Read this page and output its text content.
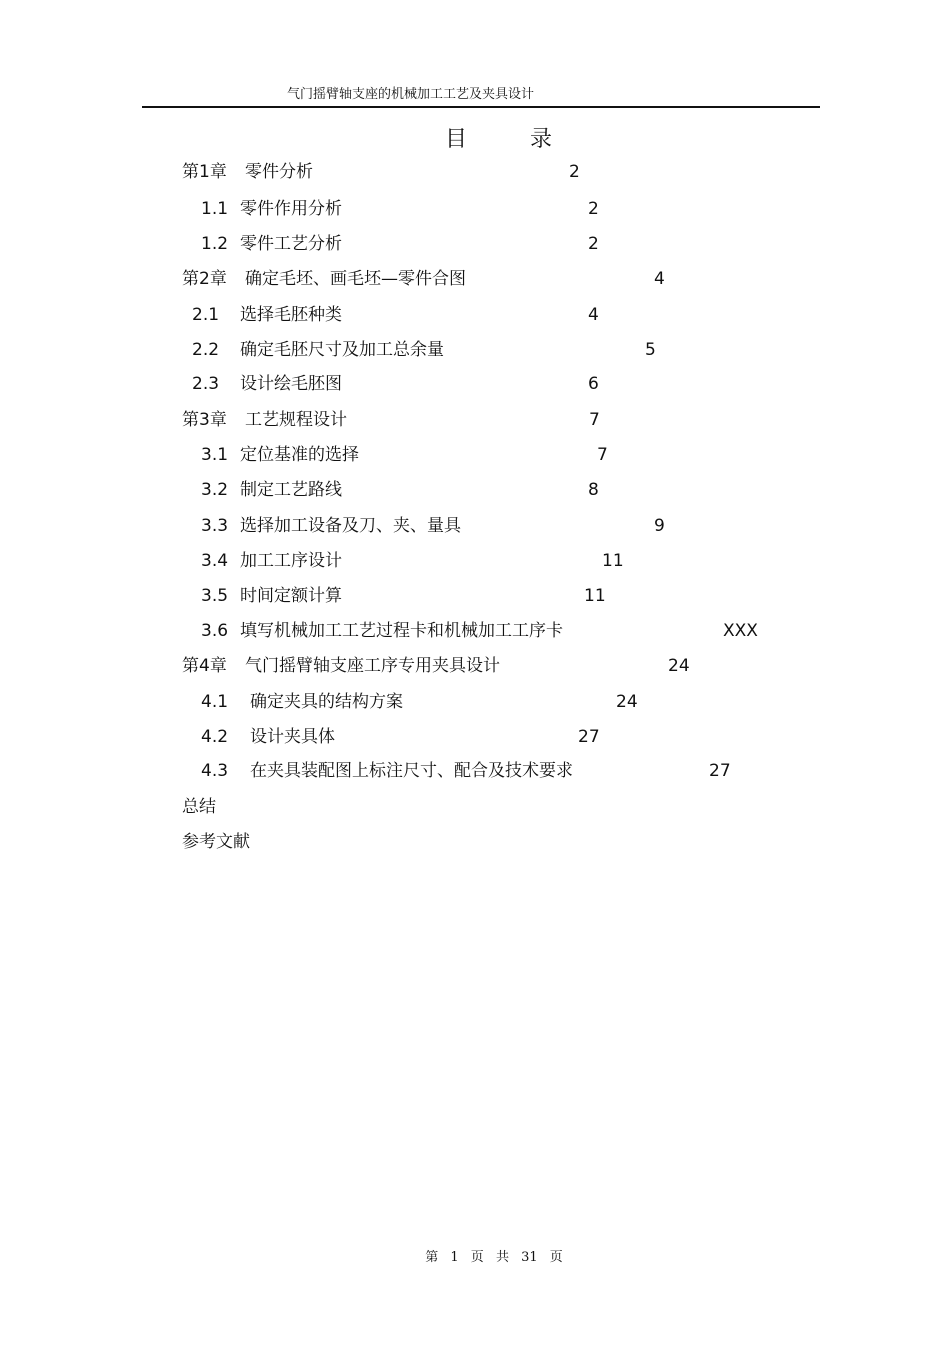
气门摇臂轴支座的机械加工工艺及夹具设计
目 录
第1章 零件分析	2
1.1 零件作用分析	2
1.2 零件工艺分析	2
第2章 确定毛坯、画毛坯—零件合图	4
2.1 选择毛胚种类	4
2.2 确定毛胚尺寸及加工总余量	5
2.3 设计绘毛胚图	6
第3章 工艺规程设计	7
3.1 定位基准的选择	7
3.2 制定工艺路线	8
3.3 选择加工设备及刀、夹、量具	9
3.4 加工工序设计	11
3.5 时间定额计算	11
3.6 填写机械加工工艺过程卡和机械加工工序卡	XXX
第4章 气门摇臂轴支座工序专用夹具设计	24
4.1 确定夹具的结构方案	24
4.2 设计夹具体	27
4.3 在夹具装配图上标注尺寸、配合及技术要求	27
总结
参考文献
第 1 页 共 31 页
